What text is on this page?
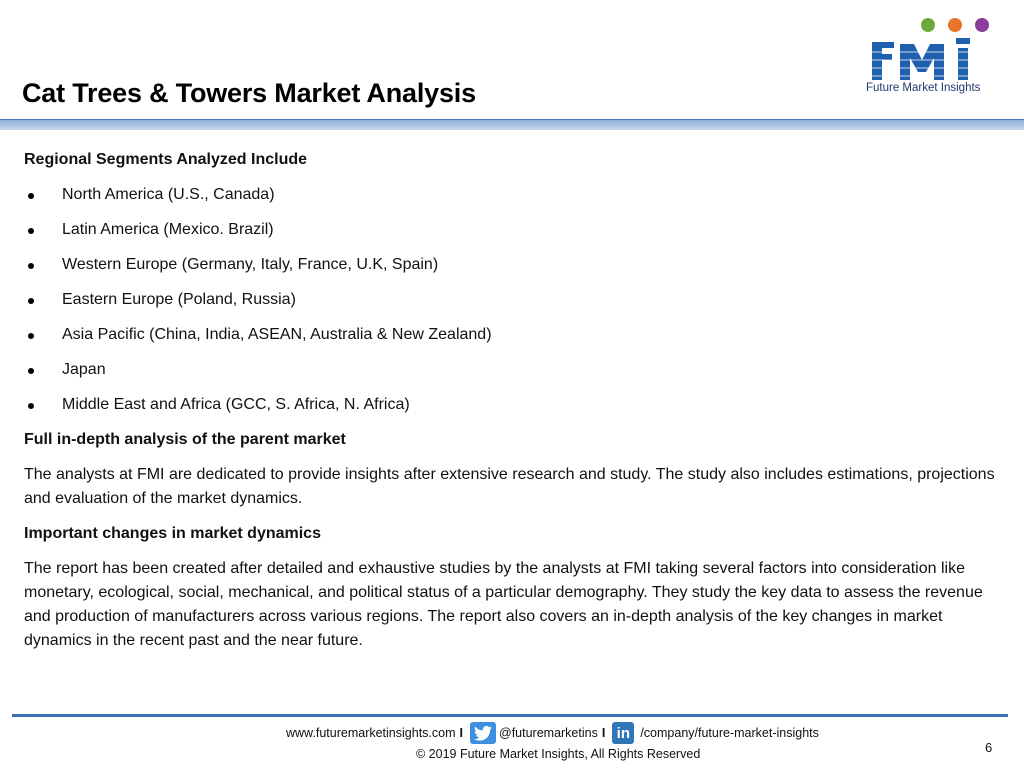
Cat Trees & Towers Market Analysis	Future Market Insights
Regional Segments Analyzed Include
North America (U.S., Canada)
Latin America (Mexico. Brazil)
Western Europe (Germany, Italy, France, U.K, Spain)
Eastern Europe (Poland, Russia)
Asia Pacific (China, India, ASEAN, Australia & New Zealand)
Japan
Middle East and Africa (GCC, S. Africa, N. Africa)
Full in-depth analysis of the parent market
The analysts at FMI are dedicated to provide insights after extensive research and study. The study also includes estimations, projections and evaluation of the market dynamics.
Important changes in market dynamics
The report has been created after detailed and exhaustive studies by the analysts at FMI taking several factors into consideration like monetary, ecological, social, mechanical, and political status of a particular demography. They study the key data to assess the revenue and production of manufacturers across various regions. The report also covers an in-depth analysis of the key changes in market dynamics in the recent past and the near future.
www.futuremarketinsights.com I	@futuremarketins I in /company/future-market-insights
© 2019 Future Market Insights, All Rights Reserved	6
